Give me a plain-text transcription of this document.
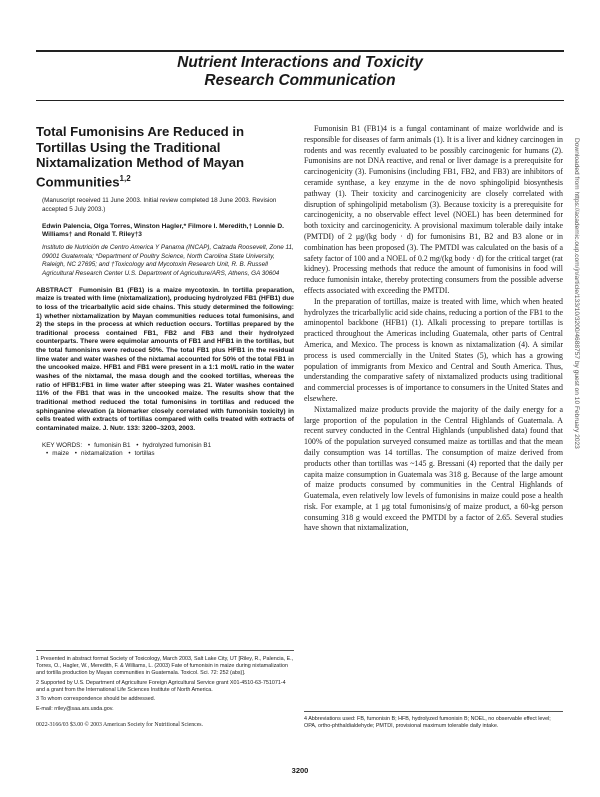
Nutrient Interactions and Toxicity
Research Communication
Total Fumonisins Are Reduced in Tortillas Using the Traditional Nixtamalization Method of Mayan Communities$^{1,2}$

(Manuscript received 11 June 2003. Initial review completed 18 June 2003. Revision accepted 5 July 2003.)

Edwin Palencia, Olga Torres, Winston Hagler,* Filmore I. Meredith,† Lonnie D. Williams† and Ronald T. Riley†3

Instituto de Nutrición de Centro America Y Panama (INCAP), Calzada Roosevelt, Zone 11, 09001 Guatemala; *Department of Poultry Science, North Carolina State University, Raleigh, NC 27695; and †Toxicology and Mycotoxin Research Unit, R. B. Russell Agricultural Research Center U.S. Department of Agriculture/ARS, Athens, GA 30604

ABSTRACT Fumonisin B1 (FB1) is a maize mycotoxin. In tortilla preparation, maize is treated with lime (nixtamalization), producing hydrolyzed FB1 (HFB1) due to loss of the tricarballylic acid side chains. This study determined the following: 1) whether nixtamalization by Mayan communities reduces total fumonisins, and 2) the steps in the process at which reduction occurs. Tortillas prepared by the traditional process contained FB1, FB2 and FB3 and their hydrolyzed counterparts. There were equimolar amounts of FB1 and HFB1 in the tortillas, but the total fumonisins were reduced 50%. The total FB1 plus HFB1 in the residual lime water and water washes of the nixtamal accounted for 50% of the total FB1 in the uncooked maize. HFB1 and FB1 were present in a 1:1 mol/L ratio in the water washes of the nixtamal, the masa dough and the cooked tortillas, whereas the ratio of HFB1:FB1 in lime water after steeping was 21. Water washes contained 11% of the FB1 that was in the uncooked maize. The results show that the traditional method reduced the total fumonisins in tortillas and reduced the sphinganine elevation (a biomarker closely correlated with fumonisin toxicity) in cells treated with extracts of tortillas compared with cells treated with extracts of contaminated maize. J. Nutr. 133: 3200–3203, 2003.

KEY WORDS: • fumonisin B1 • hydrolyzed fumonisin B1
• maize • nixtamalization • tortillas

1 Presented in abstract format Society of Toxicology, March 2003, Salt Lake City, UT [Riley, R., Palencia, E., Torres, O., Hagler, W., Meredith, F. & Williams, L. (2003) Fate of fumonisin in maize during nixtamalization and tortilla production by Mayan communities in Guatemala. Toxicol. Sci. 72: 252 (abs)].

2 Supported by U.S. Department of Agriculture Foreign Agricultural Service grant X01-4510-63-751071-4 and a grant from the International Life Sciences Institute of North America.

3 To whom correspondence should be addressed.

E-mail: rriley@saa.ars.usda.gov.

0022-3166/03 $3.00 © 2003 American Society for Nutritional Sciences.

Fumonisin B1 (FB1)4 is a fungal contaminant of maize worldwide and is responsible for diseases of farm animals (1). It is a liver and kidney carcinogen in rodents and was recently evaluated to be possibly carcinogenic for humans (2). Fumonisins are not DNA reactive, and renal or liver damage is a prerequisite for carcinogenicity (3). Fumonisins (including FB1, FB2, and FB3) are inhibitors of ceramide synthase, a key enzyme in the de novo sphingolipid biosynthesis pathway (1). Their toxicity and carcinogenicity are closely correlated with disruption of sphingolipid metabolism (3). Because toxicity is a prerequisite for carcinogenicity, a no observable effect level (NOEL) has been determined for both toxicity and carcinogenicity. A provisional maximum tolerable daily intake (PMTDI) of 2 μg/(kg body · d) for fumonisins B1, B2 and B3 alone or in combination has been proposed (3). The PMTDI was calculated on the basis of a safety factor of 100 and a NOEL of 0.2 mg/(kg body · d) for the critical target (rat kidney). Processing methods that reduce the amount of fumonisins in food will reduce fumonisin intake, thereby protecting consumers from the possible adverse effects associated with exceeding the PMTDI.

In the preparation of tortillas, maize is treated with lime, which when heated hydrolyzes the tricarballylic acid side chains, reducing a portion of the FB1 to the aminopentol backbone (HFB1) (1). Alkali processing to prepare tortillas is practiced throughout the Americas including Guatemala, other parts of Central America, and Mexico. The process is known as nixtamalization (4). A similar process is used commercially in the United States (5), which has a growing population of immigrants from Mexico and Central and South America. Thus, understanding the comparative safety of nixtamalized products using traditional and commercial processes is of importance to consumers in the United States and elsewhere.

Nixtamalized maize products provide the majority of the daily energy for a large proportion of the population in the Central Highlands of Guatemala. A recent survey conducted in the Central Highlands (unpublished data) found that 100% of the population surveyed consumed maize as tortillas and that the mean daily consumption was 14 tortillas. The consumption of maize derived from products other than tortillas was ~145 g. Bressani (4) reported that the daily per capita maize consumption in Guatemala was 318 g. Because of the large amount of maize products consumed by communities in the Central Highlands of Guatemala, even relatively low levels of fumonisins in maize could pose a health risk. For example, at 1 μg total fumonisins/g of maize product, a 60-kg person consuming 318 g would exceed the PMTDI by a factor of 2.65. Several studies have shown that nixtamalization,

4 Abbreviations used: FB, fumonisin B; HFB, hydrolyzed fumonisin B; NOEL, no observable effect level; OPA, ortho-phthaldialdehyde; PMTDI, provisional maximum tolerable daily intake.
Downloaded from https://academic.oup.com/jn/article/133/10/3200/4688757 by guest on 10 February 2023
3200
